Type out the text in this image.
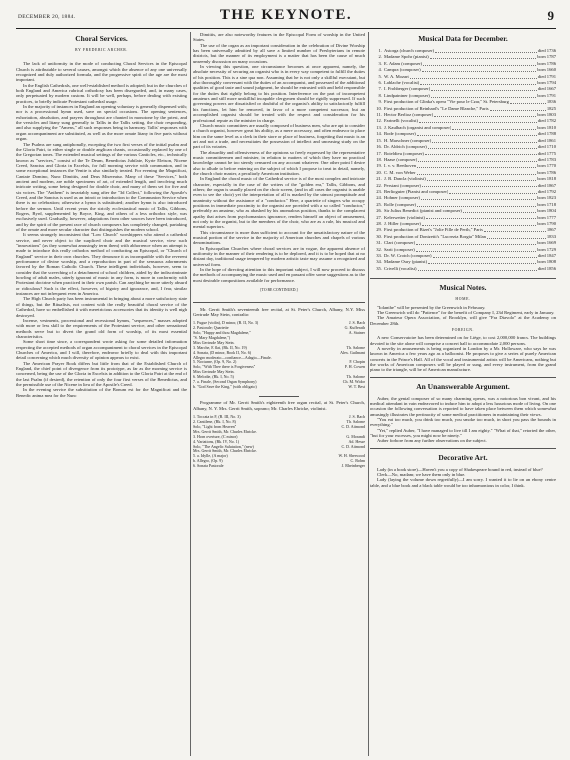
DECEMBER 20, 1884.	THE KEYNOTE.	9
Choral Services.
BY FREDERIC ARCHER.

The lack of uniformity in the mode of conducting Choral Services in the Episcopal Church is attributable to several causes, amongst which the absence of any one universally recognized and duly authorized formula, and the progressive spirit of the age are the most important.

In the English Cathedrals, one well-established method is adopted; but in the churches of both England and America rubrical orthodoxy has been disregarded, and, in many cases, only perpetuated by modern custom. It will be well, perhaps, before dealing with existing practices, to briefly indicate Protestant cathedral usage.

In the majority of instances in England an opening voluntary is generally dispensed with; nor is a processional hymn used, save on special occasions. The opening sentences, exhortation, absolution, and prayers throughout are chanted in monotone by the priest, and the versicles and litany sung generally to Tallis in the Tallis setting, the choir responding, and also supplying the "Amens," all such responses being in harmony. Tallis' responses with organ accompaniment are substituted, as well as the more ornate litany in five parts without organ.

The Psalms are sung antiphonally, excepting the two first verses of the initial psalm and the Gloria Patri, to either single or double anglican chants, occasionally replaced by one of the Gregorian tones. The extended musical settings of the various Canticles, etc., technically known as "services," consist of the Te Deum, Benedictus Jubilate, Kyrie Eleison, Nicene Creed, Sanctus and Gloria in Excelsis, for full morning service with communion, and in some exceptional instances the Venite is also similarly treated. For evening the Magnificat, Cantate Domino, Nunc Dimittis, and Deus Misereatur. Many of these "Services," both ancient and modern, are noble specimens of art, of extended length, and involving much intricate writing, some being designed for double choir, and many of them set for five and six voices. The "Anthem" is invariably sung after the "3d Collect," following the Apostle's Creed, and the Sanctus is used as an introit or introduction to the Communion Service when there is no celebration; otherwise a hymn is substituted; another hymn is also introduced before the sermon. Until recent years the strictly ecclesiastical music of Tallis, Gibbons, Rogers, Byrd, supplemented by Boyce, King, and others of a less orthodox style, was exclusively used. Gradually, however, adaptations from other sources have been introduced, and by the spirit of the present race of church composers has completely changed, partaking of the ornate and more secular character that distinguishes the modern school.

It seems strangely inconsistent that "Low Church" worshippers who attend a cathedral service, and never object to the surpliced choir and the musical service, view such "innovations" (as they somewhat amusingly term them) with abhorrence when an attempt is made to introduce this really orthodox method of conducting an Episcopal, or "Church of England" service in their own churches. They denounce it as incompatible with the reverent performance of divine worship, and a reproduction in part of the sensuous adornments favored by the Roman Catholic Church. These intelligent individuals, however, seem to consider that the screeching of a detachment of school children, aided by the indiscriminate howling of adult males, utterly ignorant of music in any form, is more in conformity with Protestant doctrine when practiced in their own parish. Can anything be more utterly absurd or ridiculous? Such is the effect, however, of bigotry and ignorance, and, I fear, similar instances are not infrequent even in America.

The High Church party has been instrumental in bringing about a more satisfactory state of things, but the Ritualists, not content with the really beautiful choral service of the Cathedral, have so embellished it with meretricious accessories that its identity is well nigh destroyed.

Incense, vestments, processional and recessional hymns, "sequences," masses adopted with more or less skill to the requirements of the Protestant service, and other sensational methods serve but to divert the grand old form of worship, of its most essential characteristics.

Some short time since, a correspondent wrote asking for some detailed information respecting the accepted methods of organ accompaniment to choral services in the Episcopal Churches of America, and I will, therefore, endeavor briefly to deal with this important detail concerning which much diversity of opinion appears to exist.

The American Prayer Book differs but little from that of the Established Church of England, the chief point of divergence from its prototype, as far as the morning service is concerned, being the use of the Gloria in Excelsis in addition to the Gloria Patri at the end of the last Psalm (if desired), the retention of only the four first verses of the Benedictus, and the permissible use of the Nicene in lieu of the Apostle's Creed.

In the evening service the substitution of the Bonum est for the Magnificat and the Benedic anima mea for the Nunc

Dimittis, are also noteworthy features in the Episcopal Form of worship in the United States.

The use of the organ as an important consideration in the celebration of Divine Worship has been universally admitted by all save a limited number of Presbyterians in remote districts, but the manner of its employment is a matter that has been the cause of much unseemly discussion on many occasions.

In viewing this question, one circumstance becomes at once apparent, namely, the absolute necessity of securing an organist who is in every way competent to fulfill the duties of his position. This is a sine qua non. Assuming that he is not only a skillful executant, but also thoroughly conversant with the duties of an accompanist, and possessed of the additional qualities of good taste and sound judgment, he should be entrusted with and held responsible for the duties that rightly belong to his position. Interference on the part of incompetent amateurs and still more unskillful incapable clergymen should be rigidly suppressed. If such governing powers are dissatisfied or doubtful of the organist's ability to satisfactorily fulfill his functions, let him be removed, in favor of a more competent successor, but an accomplished organist should be treated with the respect and consideration for his professional repute as the minister in charge.

Church music committees are usually composed of business men, who are apt to consider a church organist, however great his ability, as a mere accessory, and often endeavor to place him on the same level as a clerk in their store or place of business, forgetting that music is an art and not a trade, and necessitates the possession of intellect and unceasing study on the part of its votaries.

The absurdity and offensiveness of the opinions so freely expressed by the representative music committeemen and minister, in relation to matters of which they have no practical knowledge cannot be too sternly censured on any account whatever. One other point I desire also to allude to before entering on the subject of which I propose to treat in detail, namely, the church choir master, a peculiarly American institution.

In England the choral music of the Cathedral service is of the most complex and intricate character, especially in the case of the writers of the "golden era," Tallis, Gibbons, and others; the organ is usually placed on the choir screen, (and in all cases the organist is unable even to see the choir) yet the interpretation of all is marked by the utmost promptitude and unanimity without the assistance of a "conductor." Here, a quartette of singers who occupy positions in immediate proximity to the organist are provided with a so called "conductor," preferably an amateur, who as abashed by his anomalous position, thanks to the complacent apathy that arises from psychomaniacs ignorance, renders himself an object of amusement, not only to the organist, but to the members of the choir, who are as a rule, his musical and mental superiors.

This circumstance is more than sufficient to account for the unsatisfactory nature of the musical portion of the service in the majority of American churches and chapels of various denominations.

In Episcopalian Churches where choral services are in vogue, the apparent absence of uniformity in the manner of their rendering is to be deplored, and it is to be hoped that at no distant day, traditional usage tempered by modern artistic taste may assume a recognized and universal form.

In the hope of directing attention to this important subject, I will now proceed to discuss the methods of accompanying the music used and en passant offer some suggestions as to the most desirable compositions available for performance.

[TO BE CONTINUED.]

Mr. Gerrit Smith's seventeenth free recital, at St. Peter's Church, Albany, N.Y. Miss Gertrude May Stein, contralto:

1. Fugue (violin), D minor, (B. II, No. 3)	J. S. Bach
2. Pastorale; Quartette	G. Kufferath
Solo, "Happy and thou Magdalene,"	A. Stainer
"S. Mary Magdalene,")
Miss Gertrude May Stein.
3. Marche, E flat, (Bk. II, No. 19)	Th. Salome
4. Sonata, (D minor, Book II, No. 6)	Alex. Guilmant
Allegro moderato—confiance—Adagio—Finale.
5. Nocturne, (Op. 9, No. 2)	F. Chopin
Solo, "With Thee there is Forgiveness"	F. H. Cowen
Miss Gertrude May Stein.
6. Melodie, (Bk. I, No. 5)	Th. Salome
7. a. Finale, (Second Organ Symphony)	Ch. M. Widor
b. "God Save the King," (with obligato)	W. T. Best

Programme of Mr. Gerrit Smith's eighteenth free organ recital, at St. Peter's Church, Albany, N. Y. Mrs. Gerrit Smith, soprano; Mr. Charles Ehricke, violinist.

1. Toccata in F, (B. III, No. 3)	J. S. Bach
2. Cantilene, (Bk. I, No. 8)	Th. Salome
Solo, "Light from Heaven"	C. D. Aitmond
Mrs. Gerrit Smith, Mr. Charles Ehricke.
3. Horn overture, (C minor)	G. Morandi
4. Variations, (Bk. IV, No. 1)	Ad. Hesse
Solo, "The Angelic Salutation," (new)	C. D. Aitmond
Mrs. Gerrit Smith, Mr. Charles Ehricke.
5. a. Idylle, (A major)	W. H. Sherwood
b. Allegro, (Op. 9)	C. Bohm
6. Sonata Pastorale	J. Rheinberger
Musical Data for December.
1. Astorga (church composer)	died 1736
2. Madame Spohr (pianist)	born 1787
3. E. Adam (composer)	born 1786
4. Campra (composer)	born 1660
5. W. A. Mozart	died 1791
6. Lablache (vocalist)	born 1794
7. I. Frohberger (composer)	died 1667
8. Lindpaintner (composer)	born 1791
9. First production of Glinka's opera "Vie pour le Czar," St. Petersburg	1836
10. First production of Reinhard's "Le Dame Blanche," Paris	1825
11. Hector Berlioz (composer)	born 1803
12. Farinelli (vocalist)	died 1782
13. J. Kaulbach (organist and composer)	born 1810
14. Bode (composer)	died 1788
15. H. Marschner (composer)	died 1861
16. Dr. Aldrich (composer)	died 1710
17. Boieldieu (composer)	died 1775
18. Haase (composer)	died 1783
19. I. v. v. Beethoven	born 1770
20. C. M. von Weber	born 1786
21. J. B. Danclа (violinist)	born 1818
22. Persiani (composer)	died 1867
23. Berlioguier (Pianist and composer)	died 1792
24. Hohner (composer)	born 1823
25. Rolle (composer)	born 1718
26. Sir Julius Benedict (pianist and composer)	born 1804
27. Kelerwetter (violinist)	born 1777
28. J. Hiller (composer)	born 1790
29. First production of Bizet's "Jolie Fille de Perth," Paris	1867
30. First production of Donizetti's "Lucrezia Borgia" Milan	1833
31. Clari (composer)	born 1669
32. Sarti (composer)	born 1729
33. Dr. W. Crotch (composer)	died 1847
34. Madame Oury (pianist)	born 1808
35. Crivelli (vocalist)	died 1856
Musical Notes.
HOME.

"Iolanthe" will be presented by the Greenwich in February.

The Greenwich will do "Patience" for the benefit of Company I, 23d Regiment, early in January.

The Amateur Opera Association, of Brooklyn, will give "Fra Diavolo" at the Academy on December 28th.

FOREIGN.

A new Conservatoire has been determined on for Liège, to cost 2,000,000 francs. The buildings devoted to the site alone will comprise a concert hall to accommodate 2,000 persons.

A novelty in amusements is being organized in London by a Mr. Holloware, who says he was known in America a few years ago as a balloonist. He proposes to give a series of purely American concerts in the Prince's Hall. All of the vocal and instrumental artists will be Americans, nothing but the works of American composers will be played or sung, and every instrument, from the grand piano to the triangle, will be of American manufacture.

An Unanswerable Argument.

Auber, the genial composer of so many charming operas, was a notorious bon vivant, and his medical attendant in vain endeavored to induce him to adopt a less luxurious mode of living. On one occasion the following conversation is reported to have taken place between them which somewhat amusingly illustrates the pertinacity of some medical practitioners in maintaining their views.

"You eat too much, you drink too much, you smoke too much, in short you pass the bounds in everything."

"Yet," replied Auber, "I have managed to live till I am eighty." "What of that," retorted the other, "but for your excesses, you might now be ninety."

Auber forbore from any further observations on the subject.

Decorative Art.

Lady (in a book store)—Haven't you a copy of Shakespeare bound in red, instead of blue?

Clerk—No, madam; we have them only in blue.

Lady (laying the volume down regretfully)—I am sorry. I wanted it to lie on an ebony centre table, and a blue book and a black table would be too inharmonious in color, I think.
